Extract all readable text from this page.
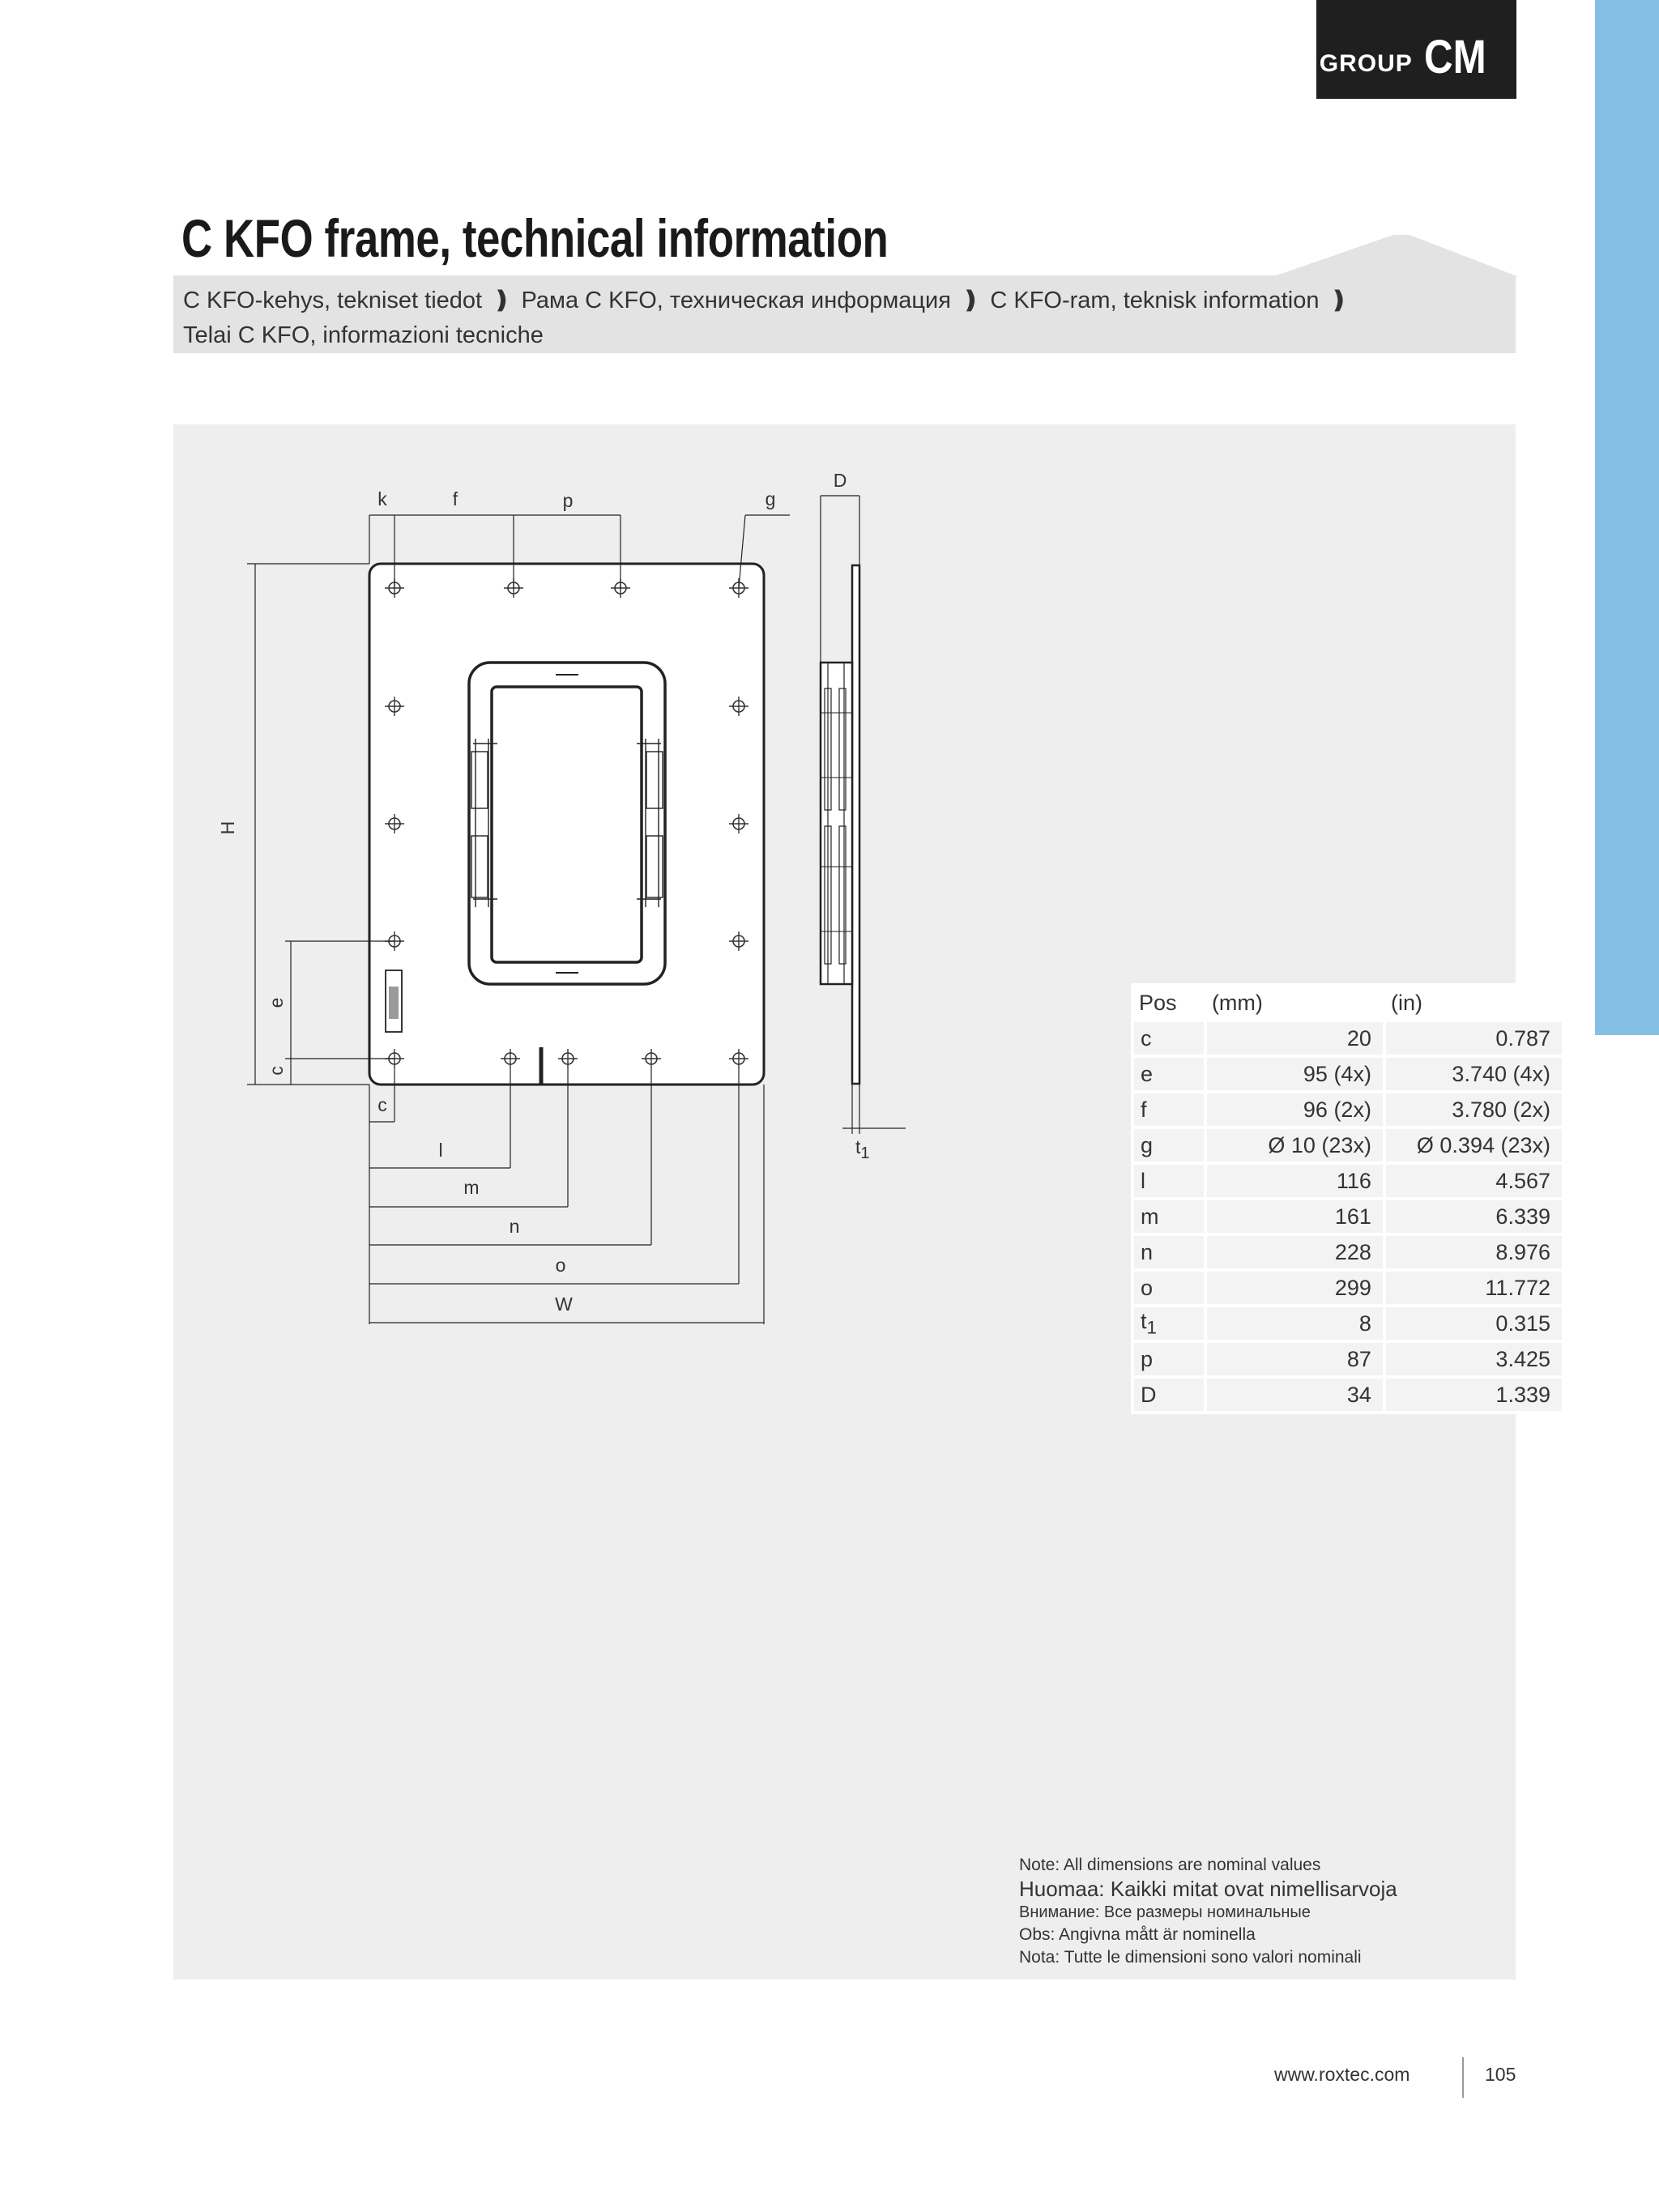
GROUP CM
C KFO frame, technical information
C KFO-kehys, tekniset tiedot ❫ Рама C KFO, техническая информация ❫ C KFO-ram, teknisk information ❫
Telai C KFO, informazioni tecniche
k	f	p	g
D
H
e
c
c
l
m
n
o
W
t1
Pos	(mm)	(in)
c	20	0.787
e	95 (4x)	3.740 (4x)
f	96 (2x)	3.780 (2x)
g	Ø 10 (23x)	Ø 0.394 (23x)
l	116	4.567
m	161	6.339
n	228	8.976
o	299	11.772
$t_1$	8	0.315
p	87	3.425
D	34	1.339
Note: All dimensions are nominal values
Huomaa: Kaikki mitat ovat nimellisarvoja
Внимание: Все размеры номинальные
Obs: Angivna mått är nominella
Nota: Tutte le dimensioni sono valori nominali
www.roxtec.com	105
